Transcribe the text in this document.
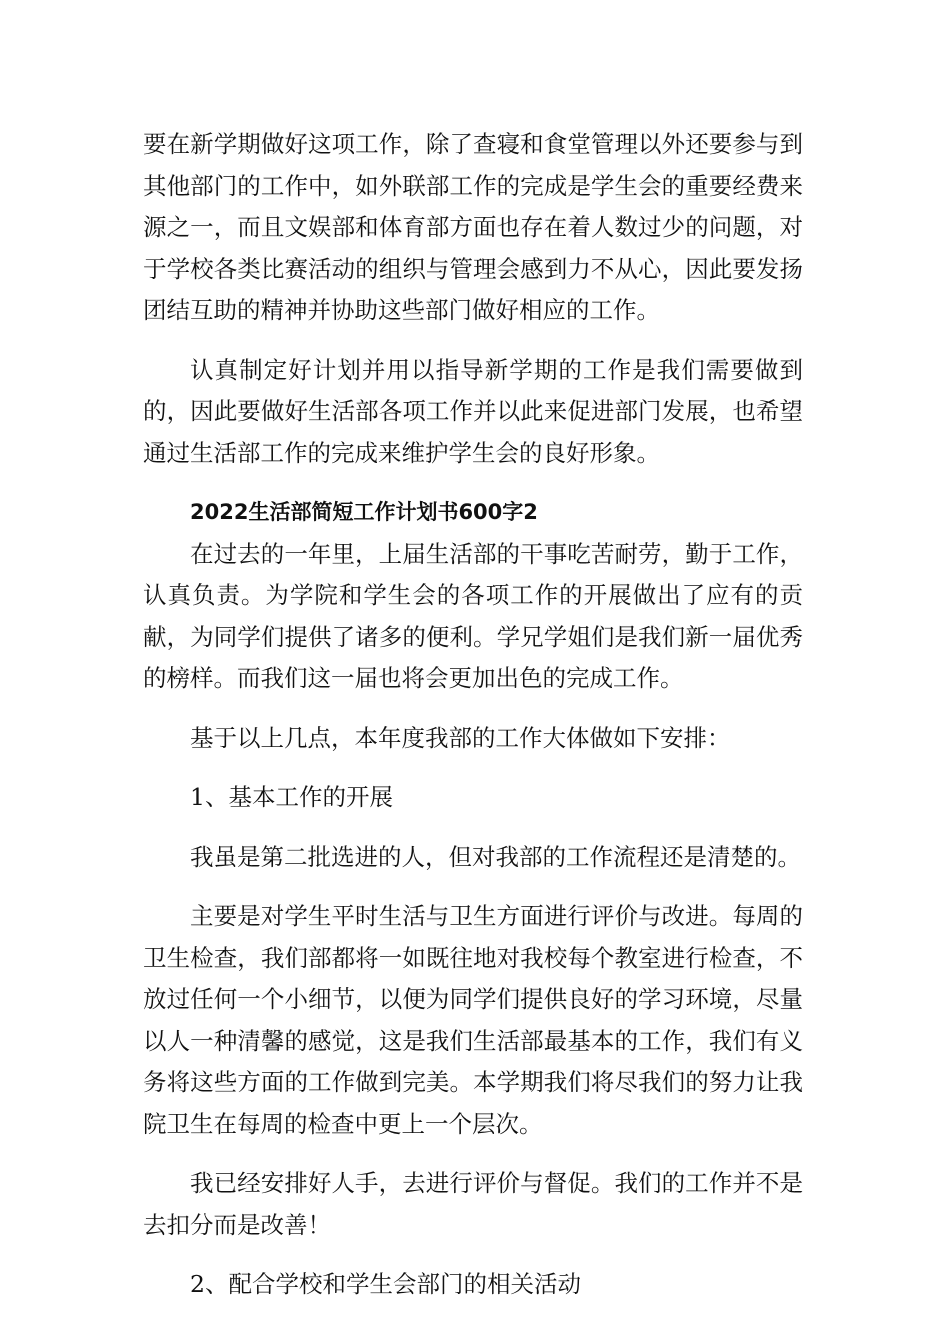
要在新学期做好这项工作，除了查寝和食堂管理以外还要参与到其他部门的工作中，如外联部工作的完成是学生会的重要经费来源之一，而且文娱部和体育部方面也存在着人数过少的问题，对于学校各类比赛活动的组织与管理会感到力不从心，因此要发扬团结互助的精神并协助这些部门做好相应的工作。

认真制定好计划并用以指导新学期的工作是我们需要做到的，因此要做好生活部各项工作并以此来促进部门发展，也希望通过生活部工作的完成来维护学生会的良好形象。

2022生活部简短工作计划书600字2

在过去的一年里，上届生活部的干事吃苦耐劳，勤于工作，认真负责。为学院和学生会的各项工作的开展做出了应有的贡献，为同学们提供了诸多的便利。学兄学姐们是我们新一届优秀的榜样。而我们这一届也将会更加出色的完成工作。

基于以上几点，本年度我部的工作大体做如下安排：

1、基本工作的开展

我虽是第二批选进的人，但对我部的工作流程还是清楚的。

主要是对学生平时生活与卫生方面进行评价与改进。每周的卫生检查，我们部都将一如既往地对我校每个教室进行检查，不放过任何一个小细节，以便为同学们提供良好的学习环境，尽量以人一种清馨的感觉，这是我们生活部最基本的工作，我们有义务将这些方面的工作做到完美。本学期我们将尽我们的努力让我院卫生在每周的检查中更上一个层次。

我已经安排好人手，去进行评价与督促。我们的工作并不是去扣分而是改善！

2、配合学校和学生会部门的相关活动
